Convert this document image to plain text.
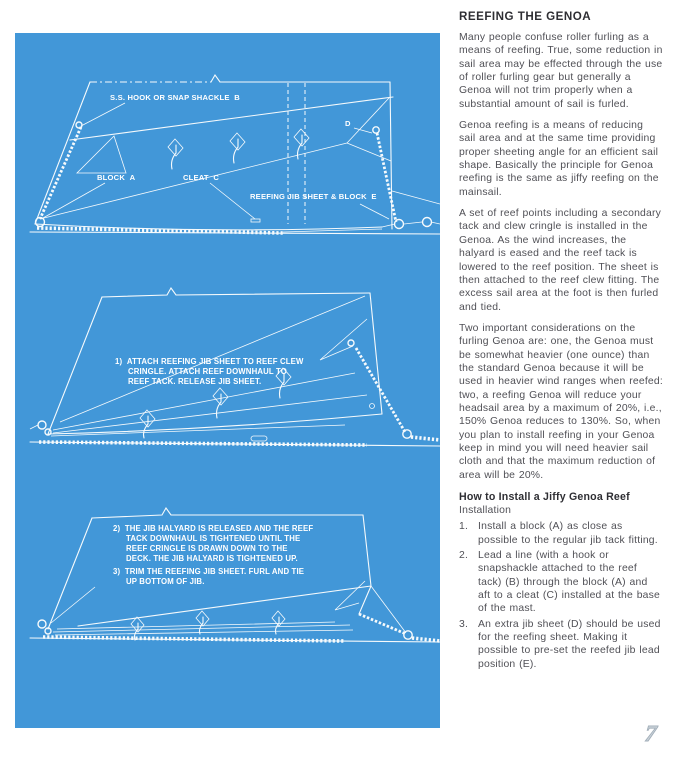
S.S. HOOK OR SNAP SHACKLE  B
BLOCK  A	CLEAT  C
REEFING JIB SHEET & BLOCK  E
D
1)  ATTACH REEFING JIB SHEET TO REEF CLEW
CRINGLE. ATTACH REEF DOWNHAUL TO
REEF TACK. RELEASE JIB SHEET.
2)  THE JIB HALYARD IS RELEASED AND THE REEF
TACK DOWNHAUL IS TIGHTENED UNTIL THE
REEF CRINGLE IS DRAWN DOWN TO THE
DECK. THE JIB HALYARD IS TIGHTENED UP.
3)  TRIM THE REEFING JIB SHEET. FURL AND TIE
UP BOTTOM OF JIB.
REEFING THE GENOA

Many people confuse roller furling as a means of reefing. True, some reduction in sail area may be effected through the use of roller furling gear but generally a Genoa will not trim properly when a substantial amount of sail is furled.

Genoa reefing is a means of reducing sail area and at the same time providing proper sheeting angle for an efficient sail shape. Basically the principle for Genoa reefing is the same as jiffy reefing on the mainsail.

A set of reef points including a secondary tack and clew cringle is installed in the Genoa. As the wind increases, the halyard is eased and the reef tack is lowered to the reef position. The sheet is then attached to the reef clew fitting. The excess sail area at the foot is then furled and tied.

Two important considerations on the furling Genoa are: one, the Genoa must be somewhat heavier (one ounce) than the standard Genoa because it will be used in heavier wind ranges when reefed: two, a reefing Genoa will reduce your headsail area by a maximum of 20%, i.e., 150% Genoa reduces to 130%. So, when you plan to install reefing in your Genoa keep in mind you will need heavier sail cloth and that the maximum reduction of area will be 20%.

How to Install a Jiffy Genoa Reef

Installation

1. Install a block (A) as close as possible to the regular jib tack fitting.
2. Lead a line (with a hook or snapshackle attached to the reef tack) (B) through the block (A) and aft to a cleat (C) installed at the base of the mast.
3. An extra jib sheet (D) should be used for the reefing sheet. Making it possible to pre-set the reefed jib lead position (E).
7
